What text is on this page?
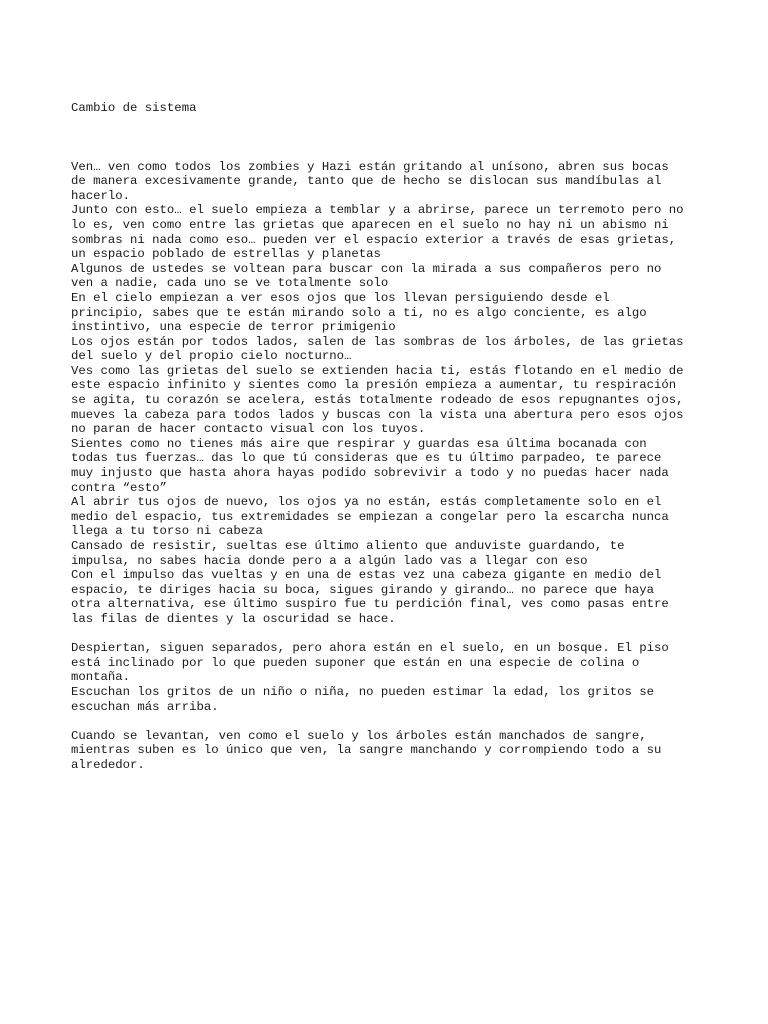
Cambio de sistema

Ven… ven como todos los zombies y Hazi están gritando al unísono, abren sus bocas
de manera excesivamente grande, tanto que de hecho se dislocan sus mandíbulas al
hacerlo.
Junto con esto… el suelo empieza a temblar y a abrirse, parece un terremoto pero no
lo es, ven como entre las grietas que aparecen en el suelo no hay ni un abismo ni
sombras ni nada como eso… pueden ver el espacio exterior a través de esas grietas,
un espacio poblado de estrellas y planetas
Algunos de ustedes se voltean para buscar con la mirada a sus compañeros pero no
ven a nadie, cada uno se ve totalmente solo
En el cielo empiezan a ver esos ojos que los llevan persiguiendo desde el
principio, sabes que te están mirando solo a ti, no es algo conciente, es algo
instintivo, una especie de terror primigenio
Los ojos están por todos lados, salen de las sombras de los árboles, de las grietas
del suelo y del propio cielo nocturno…
Ves como las grietas del suelo se extienden hacia ti, estás flotando en el medio de
este espacio infinito y sientes como la presión empieza a aumentar, tu respiración
se agita, tu corazón se acelera, estás totalmente rodeado de esos repugnantes ojos,
mueves la cabeza para todos lados y buscas con la vista una abertura pero esos ojos
no paran de hacer contacto visual con los tuyos.
Sientes como no tienes más aire que respirar y guardas esa última bocanada con
todas tus fuerzas… das lo que tú consideras que es tu último parpadeo, te parece
muy injusto que hasta ahora hayas podido sobrevivir a todo y no puedas hacer nada
contra “esto”
Al abrir tus ojos de nuevo, los ojos ya no están, estás completamente solo en el
medio del espacio, tus extremidades se empiezan a congelar pero la escarcha nunca
llega a tu torso ni cabeza
Cansado de resistir, sueltas ese último aliento que anduviste guardando, te
impulsa, no sabes hacia donde pero a a algún lado vas a llegar con eso
Con el impulso das vueltas y en una de estas vez una cabeza gigante en medio del
espacio, te diriges hacia su boca, sigues girando y girando… no parece que haya
otra alternativa, ese último suspiro fue tu perdición final, ves como pasas entre
las filas de dientes y la oscuridad se hace.
Despiertan, siguen separados, pero ahora están en el suelo, en un bosque. El piso
está inclinado por lo que pueden suponer que están en una especie de colina o
montaña.
Escuchan los gritos de un niño o niña, no pueden estimar la edad, los gritos se
escuchan más arriba.
Cuando se levantan, ven como el suelo y los árboles están manchados de sangre,
mientras suben es lo único que ven, la sangre manchando y corrompiendo todo a su
alrededor.
